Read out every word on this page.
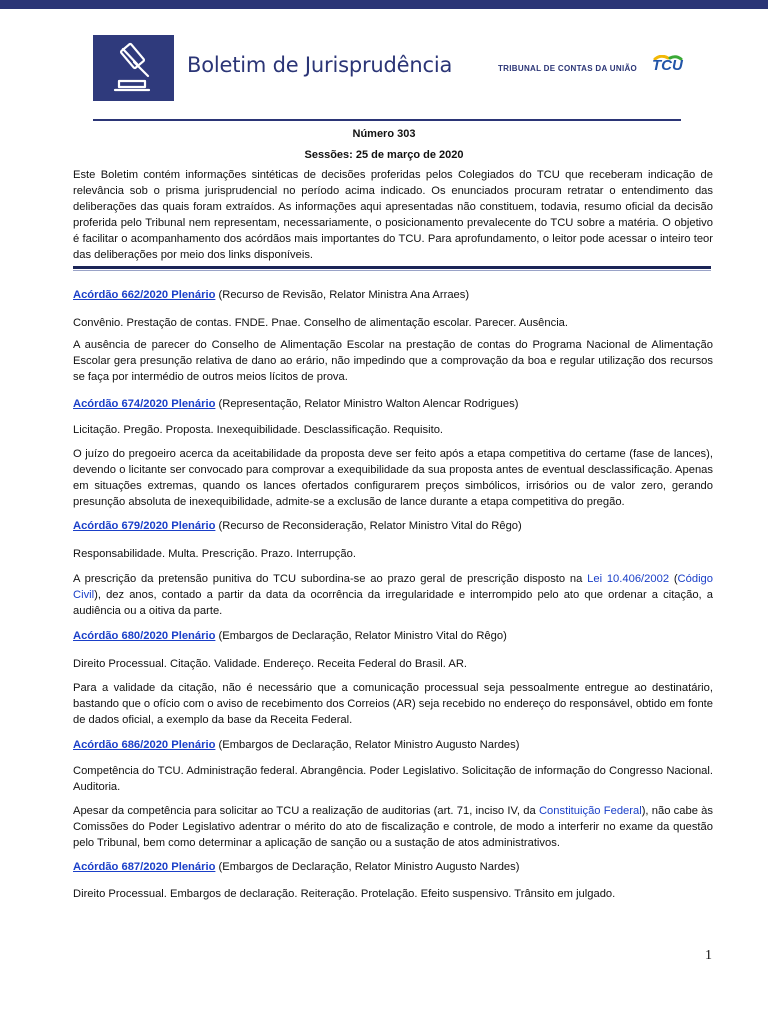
Boletim de Jurisprudência	TRIBUNAL DE CONTAS DA UNIÃO TCU
Número 303
Sessões: 25 de março de 2020

Este Boletim contém informações sintéticas de decisões proferidas pelos Colegiados do TCU que receberam indicação de relevância sob o prisma jurisprudencial no período acima indicado. Os enunciados procuram retratar o entendimento das deliberações das quais foram extraídos. As informações aqui apresentadas não constituem, todavia, resumo oficial da decisão proferida pelo Tribunal nem representam, necessariamente, o posicionamento prevalecente do TCU sobre a matéria. O objetivo é facilitar o acompanhamento dos acórdãos mais importantes do TCU. Para aprofundamento, o leitor pode acessar o inteiro teor das deliberações por meio dos links disponíveis.

Acórdão 662/2020 Plenário (Recurso de Revisão, Relator Ministra Ana Arraes)

Convênio. Prestação de contas. FNDE. Pnae. Conselho de alimentação escolar. Parecer. Ausência.

A ausência de parecer do Conselho de Alimentação Escolar na prestação de contas do Programa Nacional de Alimentação Escolar gera presunção relativa de dano ao erário, não impedindo que a comprovação da boa e regular utilização dos recursos se faça por intermédio de outros meios lícitos de prova.

Acórdão 674/2020 Plenário (Representação, Relator Ministro Walton Alencar Rodrigues)

Licitação. Pregão. Proposta. Inexequibilidade. Desclassificação. Requisito.

O juízo do pregoeiro acerca da aceitabilidade da proposta deve ser feito após a etapa competitiva do certame (fase de lances), devendo o licitante ser convocado para comprovar a exequibilidade da sua proposta antes de eventual desclassificação. Apenas em situações extremas, quando os lances ofertados configurarem preços simbólicos, irrisórios ou de valor zero, gerando presunção absoluta de inexequibilidade, admite-se a exclusão de lance durante a etapa competitiva do pregão.

Acórdão 679/2020 Plenário (Recurso de Reconsideração, Relator Ministro Vital do Rêgo)

Responsabilidade. Multa. Prescrição. Prazo. Interrupção.

A prescrição da pretensão punitiva do TCU subordina-se ao prazo geral de prescrição disposto na Lei 10.406/2002 (Código Civil), dez anos, contado a partir da data da ocorrência da irregularidade e interrompido pelo ato que ordenar a citação, a audiência ou a oitiva da parte.

Acórdão 680/2020 Plenário (Embargos de Declaração, Relator Ministro Vital do Rêgo)

Direito Processual. Citação. Validade. Endereço. Receita Federal do Brasil. AR.

Para a validade da citação, não é necessário que a comunicação processual seja pessoalmente entregue ao destinatário, bastando que o ofício com o aviso de recebimento dos Correios (AR) seja recebido no endereço do responsável, obtido em fonte de dados oficial, a exemplo da base da Receita Federal.

Acórdão 686/2020 Plenário (Embargos de Declaração, Relator Ministro Augusto Nardes)

Competência do TCU. Administração federal. Abrangência. Poder Legislativo. Solicitação de informação do Congresso Nacional. Auditoria.

Apesar da competência para solicitar ao TCU a realização de auditorias (art. 71, inciso IV, da Constituição Federal), não cabe às Comissões do Poder Legislativo adentrar o mérito do ato de fiscalização e controle, de modo a interferir no exame da questão pelo Tribunal, bem como determinar a aplicação de sanção ou a sustação de atos administrativos.

Acórdão 687/2020 Plenário (Embargos de Declaração, Relator Ministro Augusto Nardes)

Direito Processual. Embargos de declaração. Reiteração. Protelação. Efeito suspensivo. Trânsito em julgado.

1
